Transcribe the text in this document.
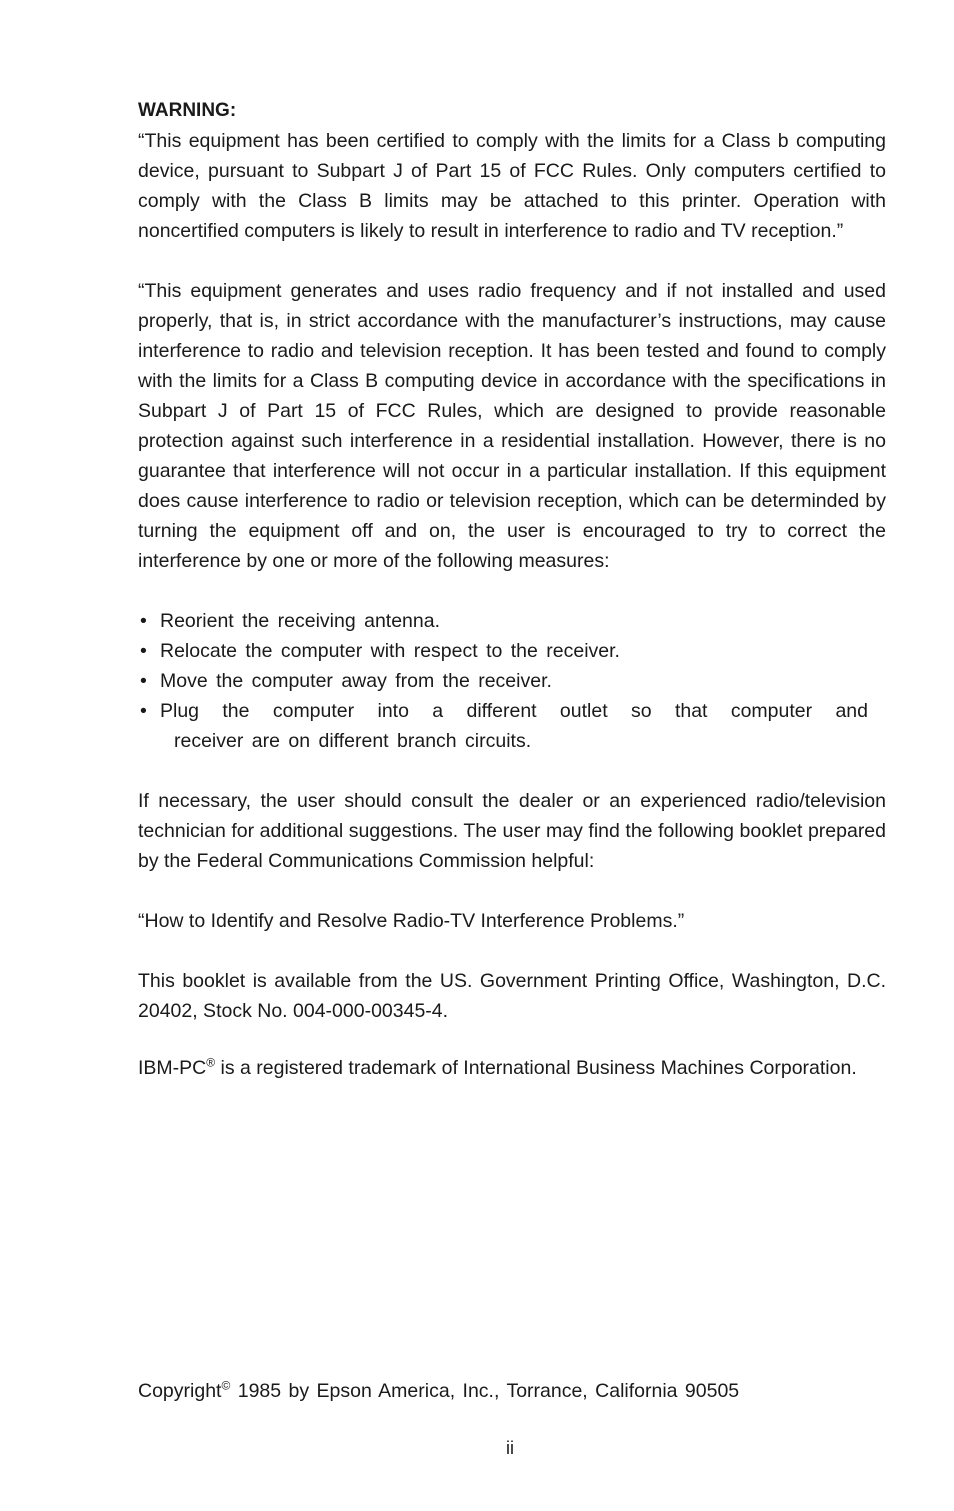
WARNING:

“This equipment has been certified to comply with the limits for a Class b computing device, pursuant to Subpart J of Part 15 of FCC Rules. Only computers certified to comply with the Class B limits may be attached to this printer. Operation with noncertified computers is likely to result in interference to radio and TV reception.”

“This equipment generates and uses radio frequency and if not installed and used properly, that is, in strict accordance with the manufacturer’s instructions, may cause interference to radio and television reception. It has been tested and found to comply with the limits for a Class B computing device in accordance with the specifications in Subpart J of Part 15 of FCC Rules, which are designed to provide reasonable protection against such interference in a residential installation. However, there is no guarantee that interference will not occur in a particular installation. If this equipment does cause interference to radio or television reception, which can be determinded by turning the equipment off and on, the user is encouraged to try to correct the interference by one or more of the following measures:

• Reorient the receiving antenna.
• Relocate the computer with respect to the receiver.
• Move the computer away from the receiver.
• Plug the computer into a different outlet so that computer and
receiver are on different branch circuits.

If necessary, the user should consult the dealer or an experienced radio/television technician for additional suggestions. The user may find the following booklet prepared by the Federal Communications Commission helpful:

“How to Identify and Resolve Radio-TV Interference Problems.”

This booklet is available from the US. Government Printing Office, Washington, D.C. 20402, Stock No. 004-000-00345-4.

IBM-PC® is a registered trademark of International Business Machines Corporation.

Copyright© 1985 by Epson America, Inc., Torrance, California 90505
ii
